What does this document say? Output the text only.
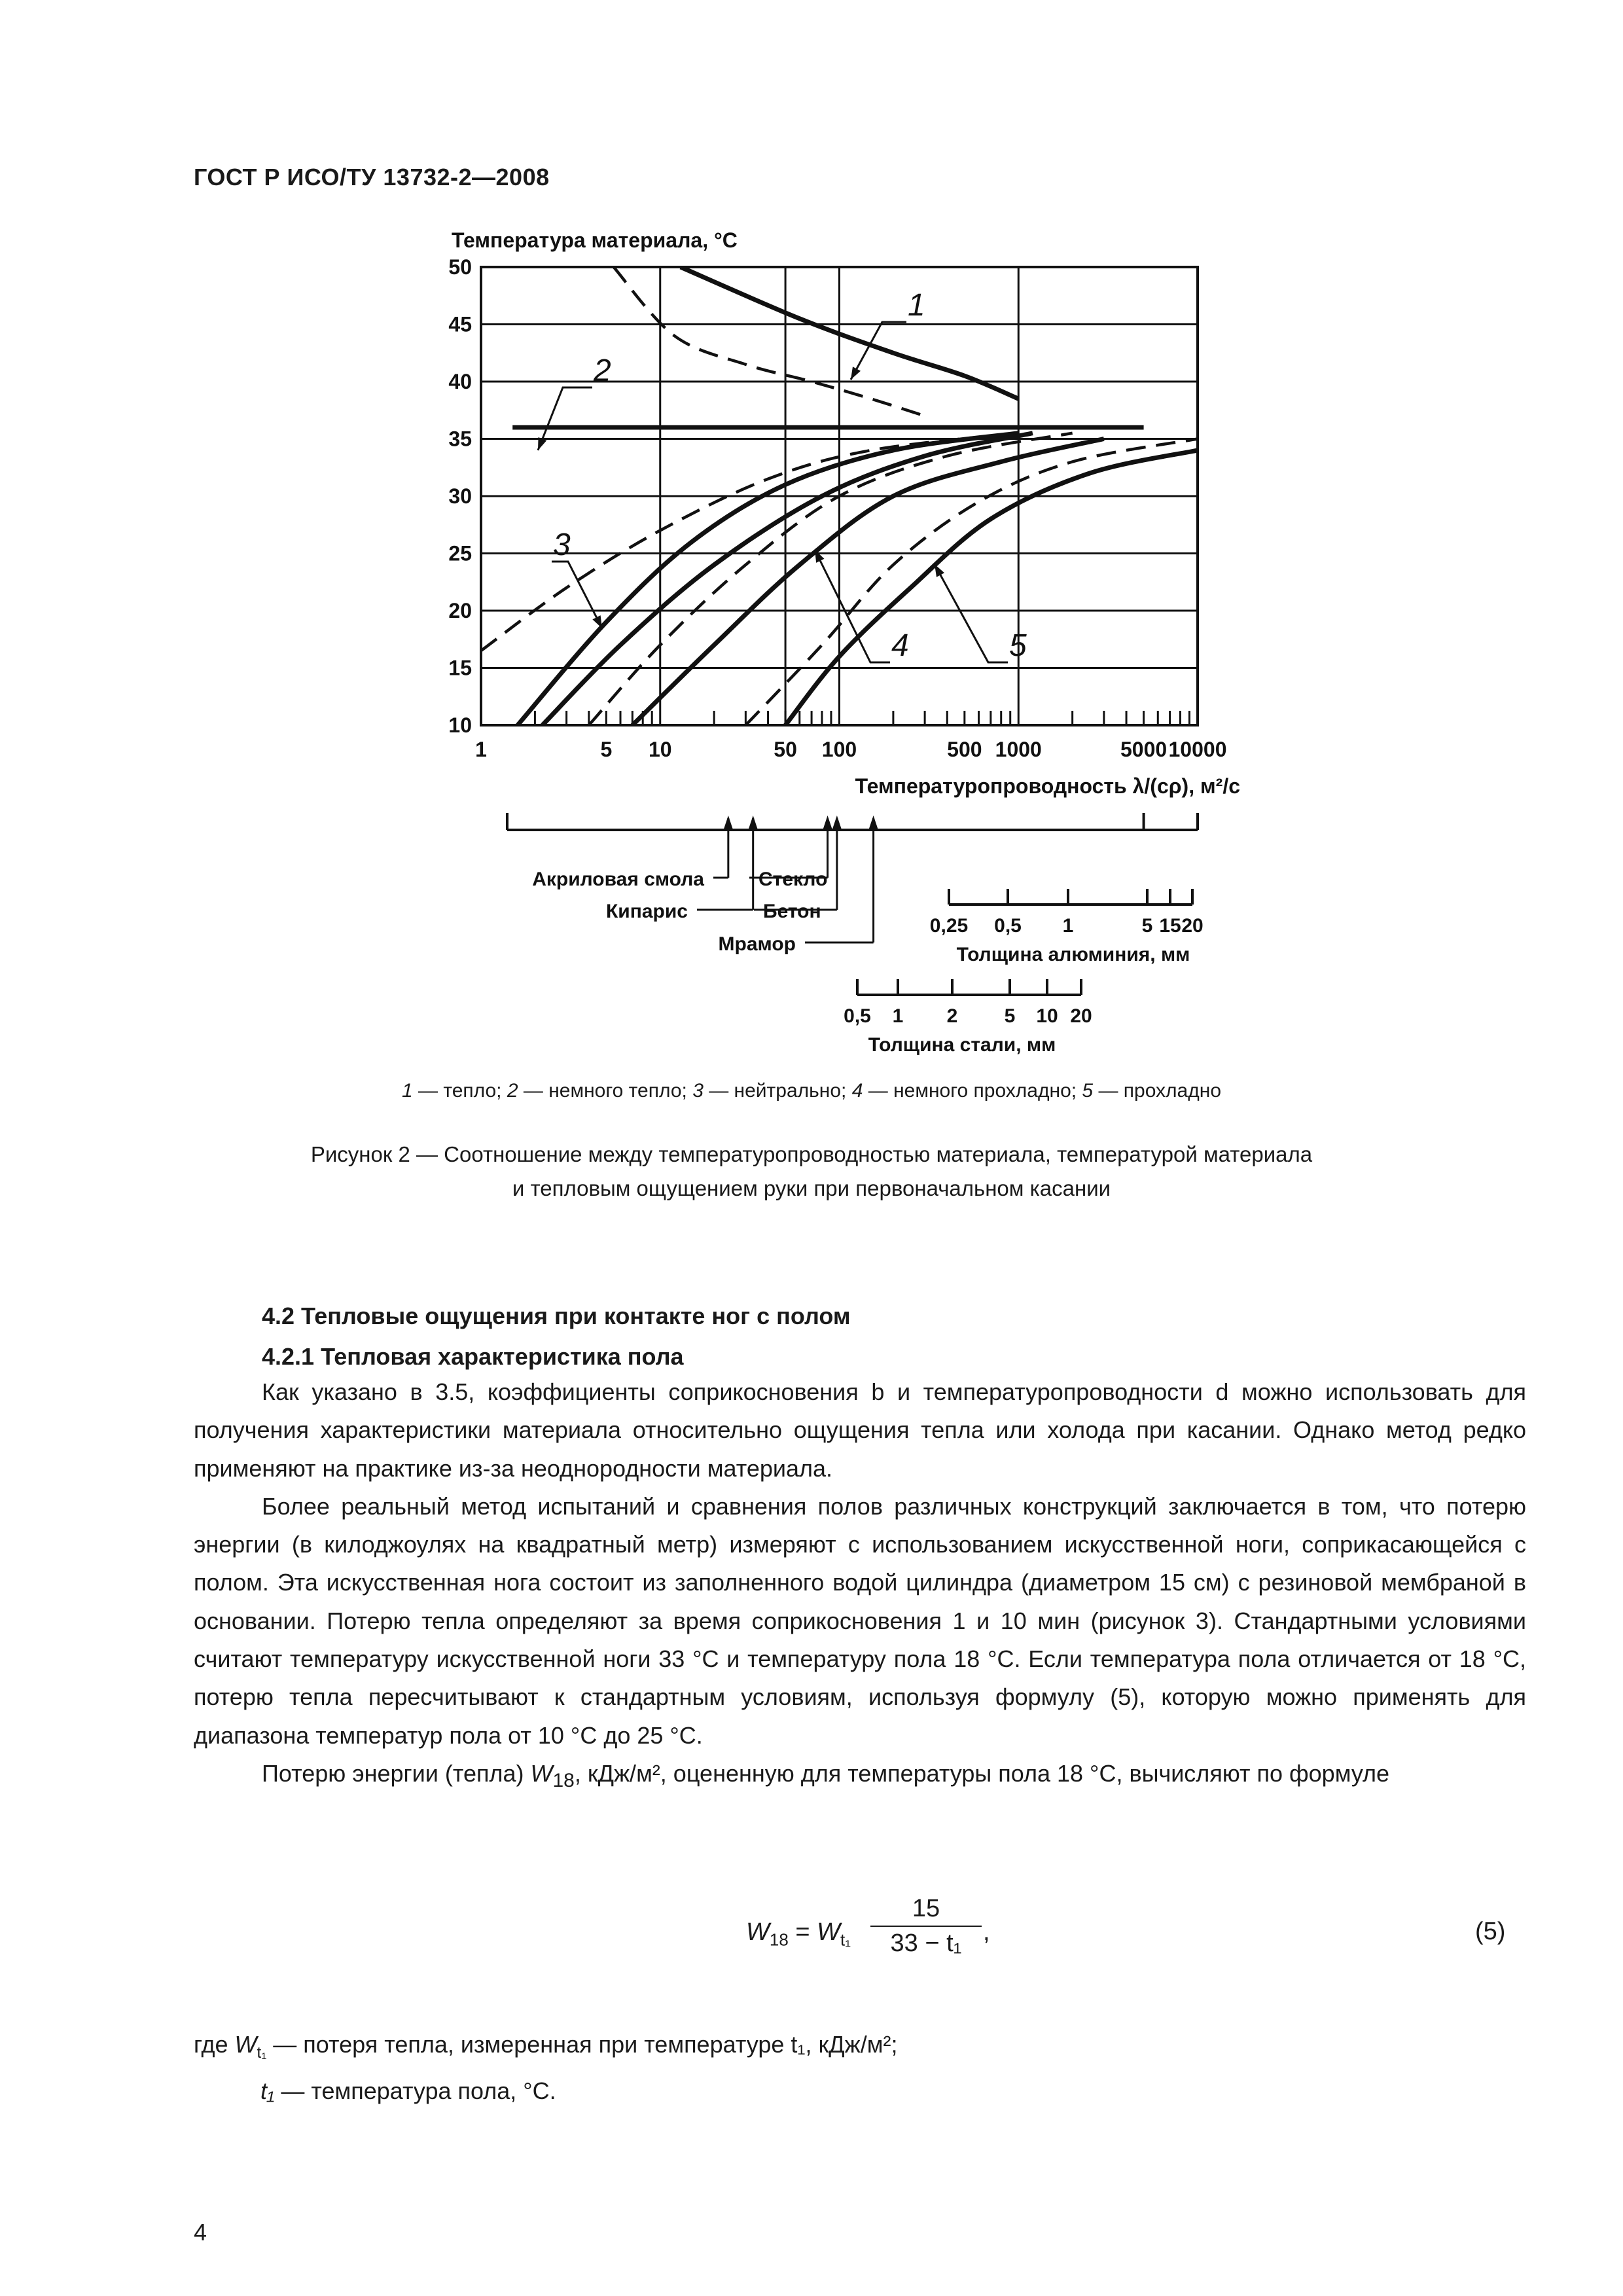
ГОСТ Р ИСО/ТУ 13732-2—2008
1	5 10	50 100	500 1000	5000 10000
10
15
20
25
30
35
40
45
50
1
2
3
4	5
Акриловая смола
Кипарис
Стекло
Бетон
Мрамор
0,25 0,5 1	5 15 20
0,5 1 2 5 10 20
Температура материала, °C
Температуропроводность λ/(cρ), м²/с
Толщина алюминия, мм
Толщина стали, мм
1 — тепло; 2 — немного тепло; 3 — нейтрально; 4 — немного прохладно; 5 — прохладно
Рисунок 2 — Соотношение между температуропроводностью материала, температурой материала
и тепловым ощущением руки при первоначальном касании
4.2 Тепловые ощущения при контакте ног с полом
4.2.1 Тепловая характеристика пола

Как указано в 3.5, коэффициенты соприкосновения b и температуропроводности d можно использовать для получения характеристики материала относительно ощущения тепла или холода при касании. Однако метод редко применяют на практике из-за неоднородности материала.

Более реальный метод испытаний и сравнения полов различных конструкций заключается в том, что потерю энергии (в килоджоулях на квадратный метр) измеряют с использованием искусственной ноги, соприкасающейся с полом. Эта искусственная нога состоит из заполненного водой цилиндра (диаметром 15 см) с резиновой мембраной в основании. Потерю тепла определяют за время соприкосновения 1 и 10 мин (рисунок 3). Стандартными условиями считают температуру искусственной ноги 33 °C и температуру пола 18 °C. Если температура пола отличается от 18 °C, потерю тепла пересчитывают к стандартным условиям, используя формулу (5), которую можно применять для диапазона температур пола от 10 °C до 25 °C.

Потерю энергии (тепла) $W_{18}$, кДж/м², оцененную для температуры пола 18 °C, вычисляют по формуле

$W_{18} = W_{t_1} \frac{15}{\text{33 − t₁}}$ ,	(5)
где $W_{t_1}$ — потеря тепла, измеренная при температуре t₁, кДж/м²;
t₁ — температура пола, °C.
4
